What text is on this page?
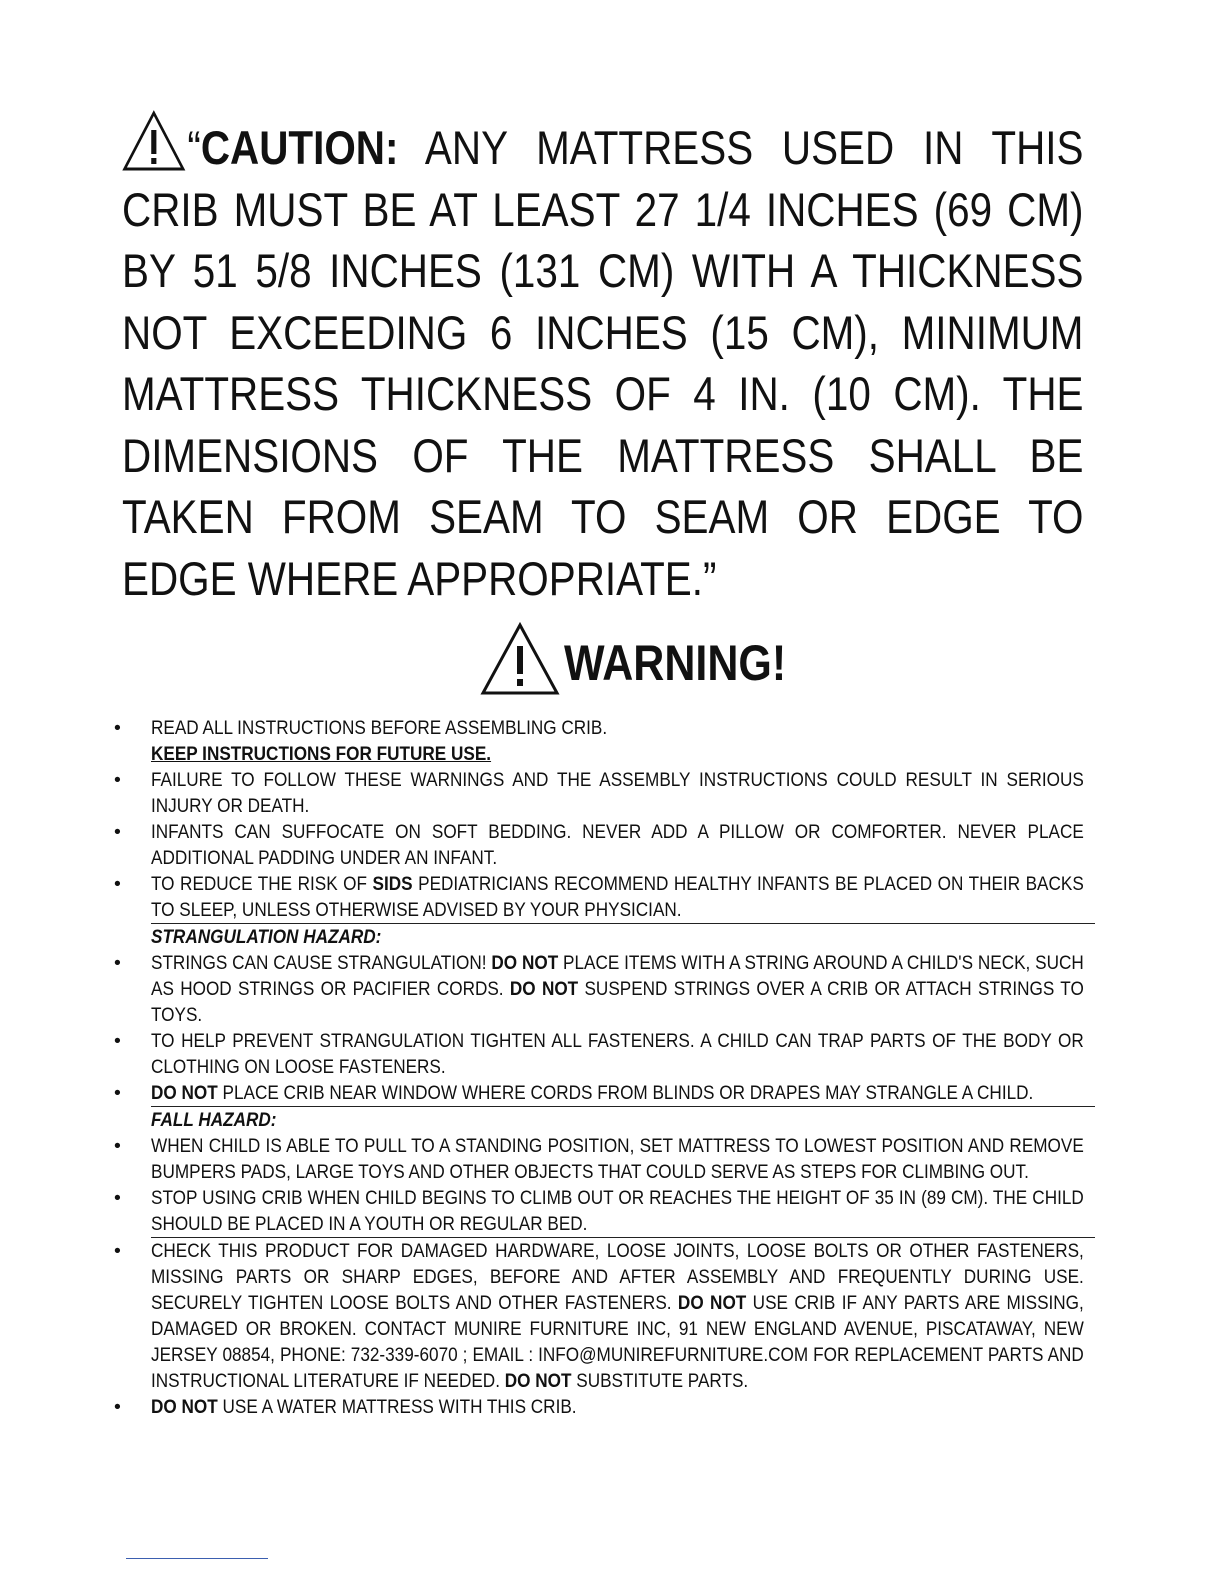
“CAUTION: ANY MATTRESS USED IN THIS CRIB MUST BE AT LEAST 27 1/4 INCHES (69 CM) BY 51 5/8 INCHES (131 CM) WITH A THICKNESS NOT EXCEEDING 6 INCHES (15 CM), MINIMUM MATTRESS THICKNESS OF 4 IN. (10 CM). THE DIMENSIONS OF THE MATTRESS SHALL BE TAKEN FROM SEAM TO SEAM OR EDGE TO EDGE WHERE APPROPRIATE.”
WARNING!
• READ ALL INSTRUCTIONS BEFORE ASSEMBLING CRIB.
KEEP INSTRUCTIONS FOR FUTURE USE.
• FAILURE TO FOLLOW THESE WARNINGS AND THE ASSEMBLY INSTRUCTIONS COULD RESULT IN SERIOUS INJURY OR DEATH.
• INFANTS CAN SUFFOCATE ON SOFT BEDDING. NEVER ADD A PILLOW OR COMFORTER. NEVER PLACE ADDITIONAL PADDING UNDER AN INFANT.
• TO REDUCE THE RISK OF SIDS PEDIATRICIANS RECOMMEND HEALTHY INFANTS BE PLACED ON THEIR BACKS TO SLEEP, UNLESS OTHERWISE ADVISED BY YOUR PHYSICIAN.
STRANGULATION HAZARD:
• STRINGS CAN CAUSE STRANGULATION! DO NOT PLACE ITEMS WITH A STRING AROUND A CHILD'S NECK, SUCH AS HOOD STRINGS OR PACIFIER CORDS. DO NOT SUSPEND STRINGS OVER A CRIB OR ATTACH STRINGS TO TOYS.
• TO HELP PREVENT STRANGULATION TIGHTEN ALL FASTENERS. A CHILD CAN TRAP PARTS OF THE BODY OR CLOTHING ON LOOSE FASTENERS.
• DO NOT PLACE CRIB NEAR WINDOW WHERE CORDS FROM BLINDS OR DRAPES MAY STRANGLE A CHILD.
FALL HAZARD:
• WHEN CHILD IS ABLE TO PULL TO A STANDING POSITION, SET MATTRESS TO LOWEST POSITION AND REMOVE BUMPERS PADS, LARGE TOYS AND OTHER OBJECTS THAT COULD SERVE AS STEPS FOR CLIMBING OUT.
• STOP USING CRIB WHEN CHILD BEGINS TO CLIMB OUT OR REACHES THE HEIGHT OF 35 IN (89 CM). THE CHILD SHOULD BE PLACED IN A YOUTH OR REGULAR BED.
• CHECK THIS PRODUCT FOR DAMAGED HARDWARE, LOOSE JOINTS, LOOSE BOLTS OR OTHER FASTENERS, MISSING PARTS OR SHARP EDGES, BEFORE AND AFTER ASSEMBLY AND FREQUENTLY DURING USE. SECURELY TIGHTEN LOOSE BOLTS AND OTHER FASTENERS. DO NOT USE CRIB IF ANY PARTS ARE MISSING, DAMAGED OR BROKEN. CONTACT MUNIRE FURNITURE INC, 91 NEW ENGLAND AVENUE, PISCATAWAY, NEW JERSEY 08854, PHONE: 732-339-6070 ; EMAIL : INFO@MUNIREFURNITURE.COM FOR REPLACEMENT PARTS AND INSTRUCTIONAL LITERATURE IF NEEDED. DO NOT SUBSTITUTE PARTS.
• DO NOT USE A WATER MATTRESS WITH THIS CRIB.
